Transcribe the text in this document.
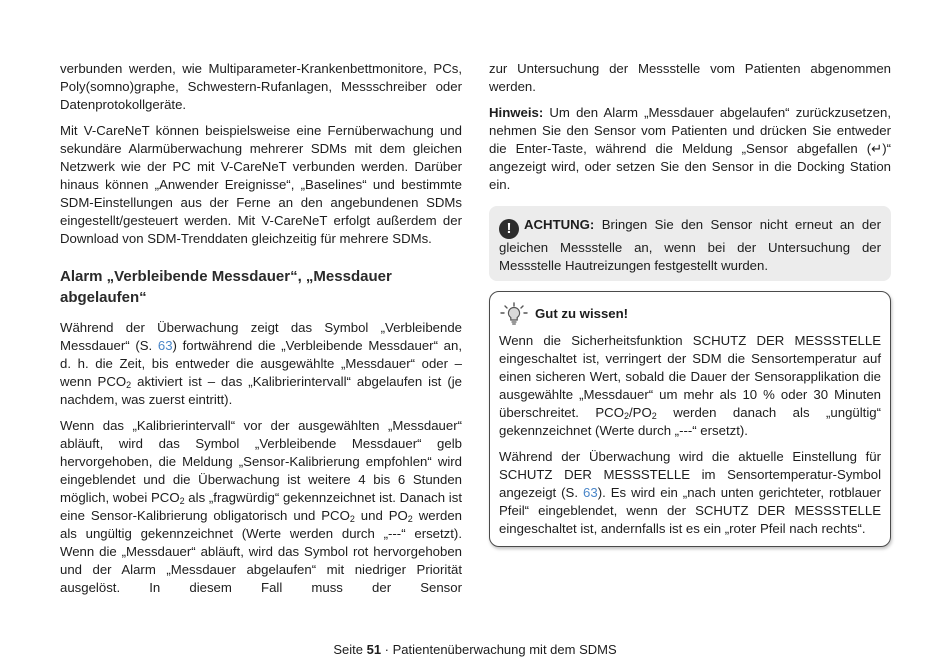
verbunden werden, wie Multiparameter-Krankenbettmonitore, PCs, Poly(somno)graphe, Schwestern-Rufanlagen, Messschreiber oder Datenprotokollgeräte.

Mit V-CareNeT können beispielsweise eine Fernüberwachung und sekundäre Alarmüberwachung mehrerer SDMs mit dem gleichen Netzwerk wie der PC mit V-CareNeT verbunden werden. Darüber hinaus können „Anwender Ereignisse“, „Baselines“ und bestimmte SDM-Einstellungen aus der Ferne an den angebundenen SDMs eingestellt/gesteuert werden. Mit V-CareNeT erfolgt außerdem der Download von SDM-Trenddaten gleichzeitig für mehrere SDMs.

Alarm „Verbleibende Messdauer“, „Messdauer abgelaufen“

Während der Überwachung zeigt das Symbol „Verbleibende Messdauer“ (S. 63) fortwährend die „Verbleibende Messdauer“ an, d. h. die Zeit, bis entweder die ausgewählte „Messdauer“ oder – wenn $PCO_2$ aktiviert ist – das „Kalibrierintervall“ abgelaufen ist (je nachdem, was zuerst eintritt).

Wenn das „Kalibrierintervall“ vor der ausgewählten „Messdauer“ abläuft, wird das Symbol „Verbleibende Messdauer“ gelb hervorgehoben, die Meldung „Sensor-Kalibrierung empfohlen“ wird eingeblendet und die Überwachung ist weitere 4 bis 6 Stunden möglich, wobei $PCO_2$ als „fragwürdig“ gekennzeichnet ist. Danach ist eine Sensor-Kalibrierung obligatorisch und $PCO_2$ und $PO_2$ werden als ungültig gekennzeichnet (Werte werden durch „---“ ersetzt). Wenn die „Messdauer“ abläuft, wird das Symbol rot hervorgehoben und der Alarm „Messdauer abgelaufen“ mit niedriger Priorität ausgelöst. In diesem Fall muss der Sensor

zur Untersuchung der Messstelle vom Patienten abgenommen werden.

Hinweis: Um den Alarm „Messdauer abgelaufen“ zurückzusetzen, nehmen Sie den Sensor vom Patienten und drücken Sie entweder die Enter-Taste, während die Meldung „Sensor abgefallen (↵)“ angezeigt wird, oder setzen Sie den Sensor in die Docking Station ein.

! ACHTUNG: Bringen Sie den Sensor nicht erneut an der gleichen Messstelle an, wenn bei der Untersuchung der Messstelle Hautreizungen festgestellt wurden.

Gut zu wissen!

Wenn die Sicherheitsfunktion SCHUTZ DER MESSSTELLE eingeschaltet ist, verringert der SDM die Sensortemperatur auf einen sicheren Wert, sobald die Dauer der Sensorapplikation die ausgewählte „Messdauer“ um mehr als 10 % oder 30 Minuten überschreitet. $PCO_2/PO_2$ werden danach als „ungültig“ gekennzeichnet (Werte durch „---“ ersetzt).

Während der Überwachung wird die aktuelle Einstellung für SCHUTZ DER MESSSTELLE im Sensortemperatur-Symbol angezeigt (S. 63). Es wird ein „nach unten gerichteter, rotblauer Pfeil“ eingeblendet, wenn der SCHUTZ DER MESSSTELLE eingeschaltet ist, andernfalls ist es ein „roter Pfeil nach rechts“.

Seite 51 · Patientenüberwachung mit dem SDMS
